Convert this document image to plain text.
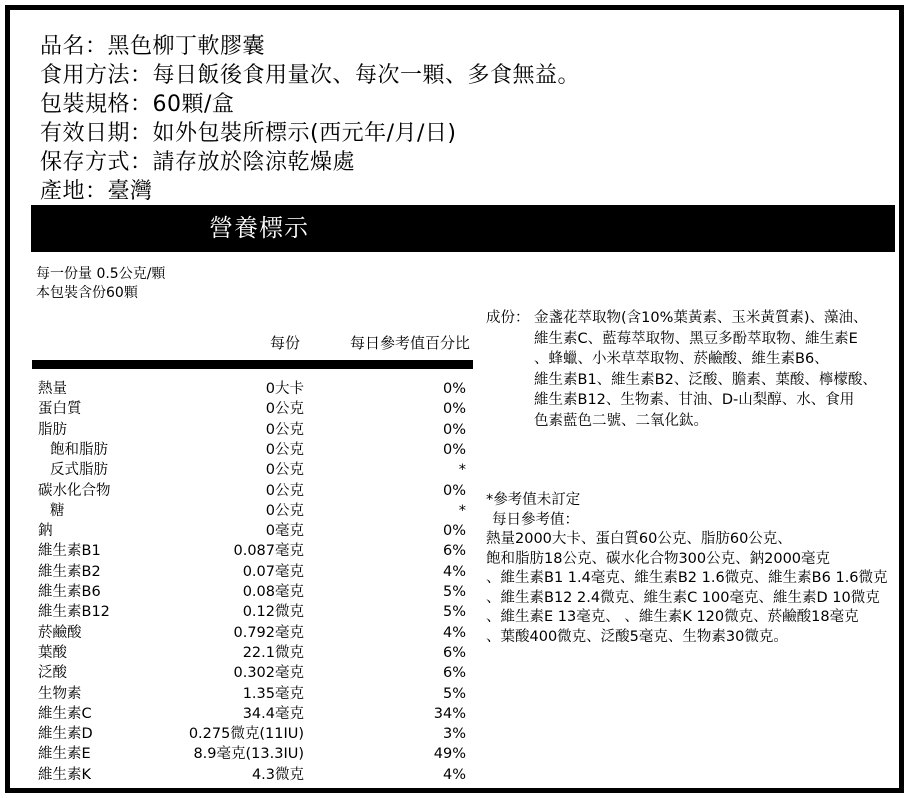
品名：黑色柳丁軟膠囊
食用方法：每日飯後食用量次、每次一顆、多食無益。
包裝規格：60顆/盒
有效日期：如外包裝所標示(西元年/月/日)
保存方式：請存放於陰涼乾燥處
產地：臺灣
營養標示
每一份量 0.5公克/顆
本包裝含份60顆
每份	每日參考值百分比
熱量	0大卡	0%
蛋白質	0公克	0%
脂肪	0公克	0%
飽和脂肪	0公克	0%
反式脂肪	0公克	*
碳水化合物	0公克	0%
糖	0公克	*
鈉	0毫克	0%
維生素B1	0.087毫克	6%
維生素B2	0.07毫克	4%
維生素B6	0.08毫克	5%
維生素B12	0.12微克	5%
菸鹼酸	0.792毫克	4%
葉酸	22.1微克	6%
泛酸	0.302毫克	6%
生物素	1.35毫克	5%
維生素C	34.4毫克	34%
維生素D	0.275微克(11IU)	3%
維生素E	8.9毫克(13.3IU)	49%
維生素K	4.3微克	4%
成份： 金盞花萃取物(含10%葉黃素、玉米黃質素)、藻油、
維生素C、藍莓萃取物、黑豆多酚萃取物、維生素E
、蜂蠟、小米草萃取物、菸鹼酸、維生素B6、
維生素B1、維生素B2、泛酸、膽素、葉酸、檸檬酸、
維生素B12、生物素、甘油、D-山梨醇、水、食用
色素藍色二號、二氧化鈦。
*參考值未訂定
每日參考值：
熱量2000大卡、蛋白質60公克、脂肪60公克、
飽和脂肪18公克、碳水化合物300公克、鈉2000毫克
、維生素B1 1.4毫克、維生素B2 1.6微克、維生素B6 1.6微克
、維生素B12 2.4微克、維生素C 100毫克、維生素D 10微克
、維生素E 13毫克、 、維生素K 120微克、菸鹼酸18毫克
、葉酸400微克、泛酸5毫克、生物素30微克。
